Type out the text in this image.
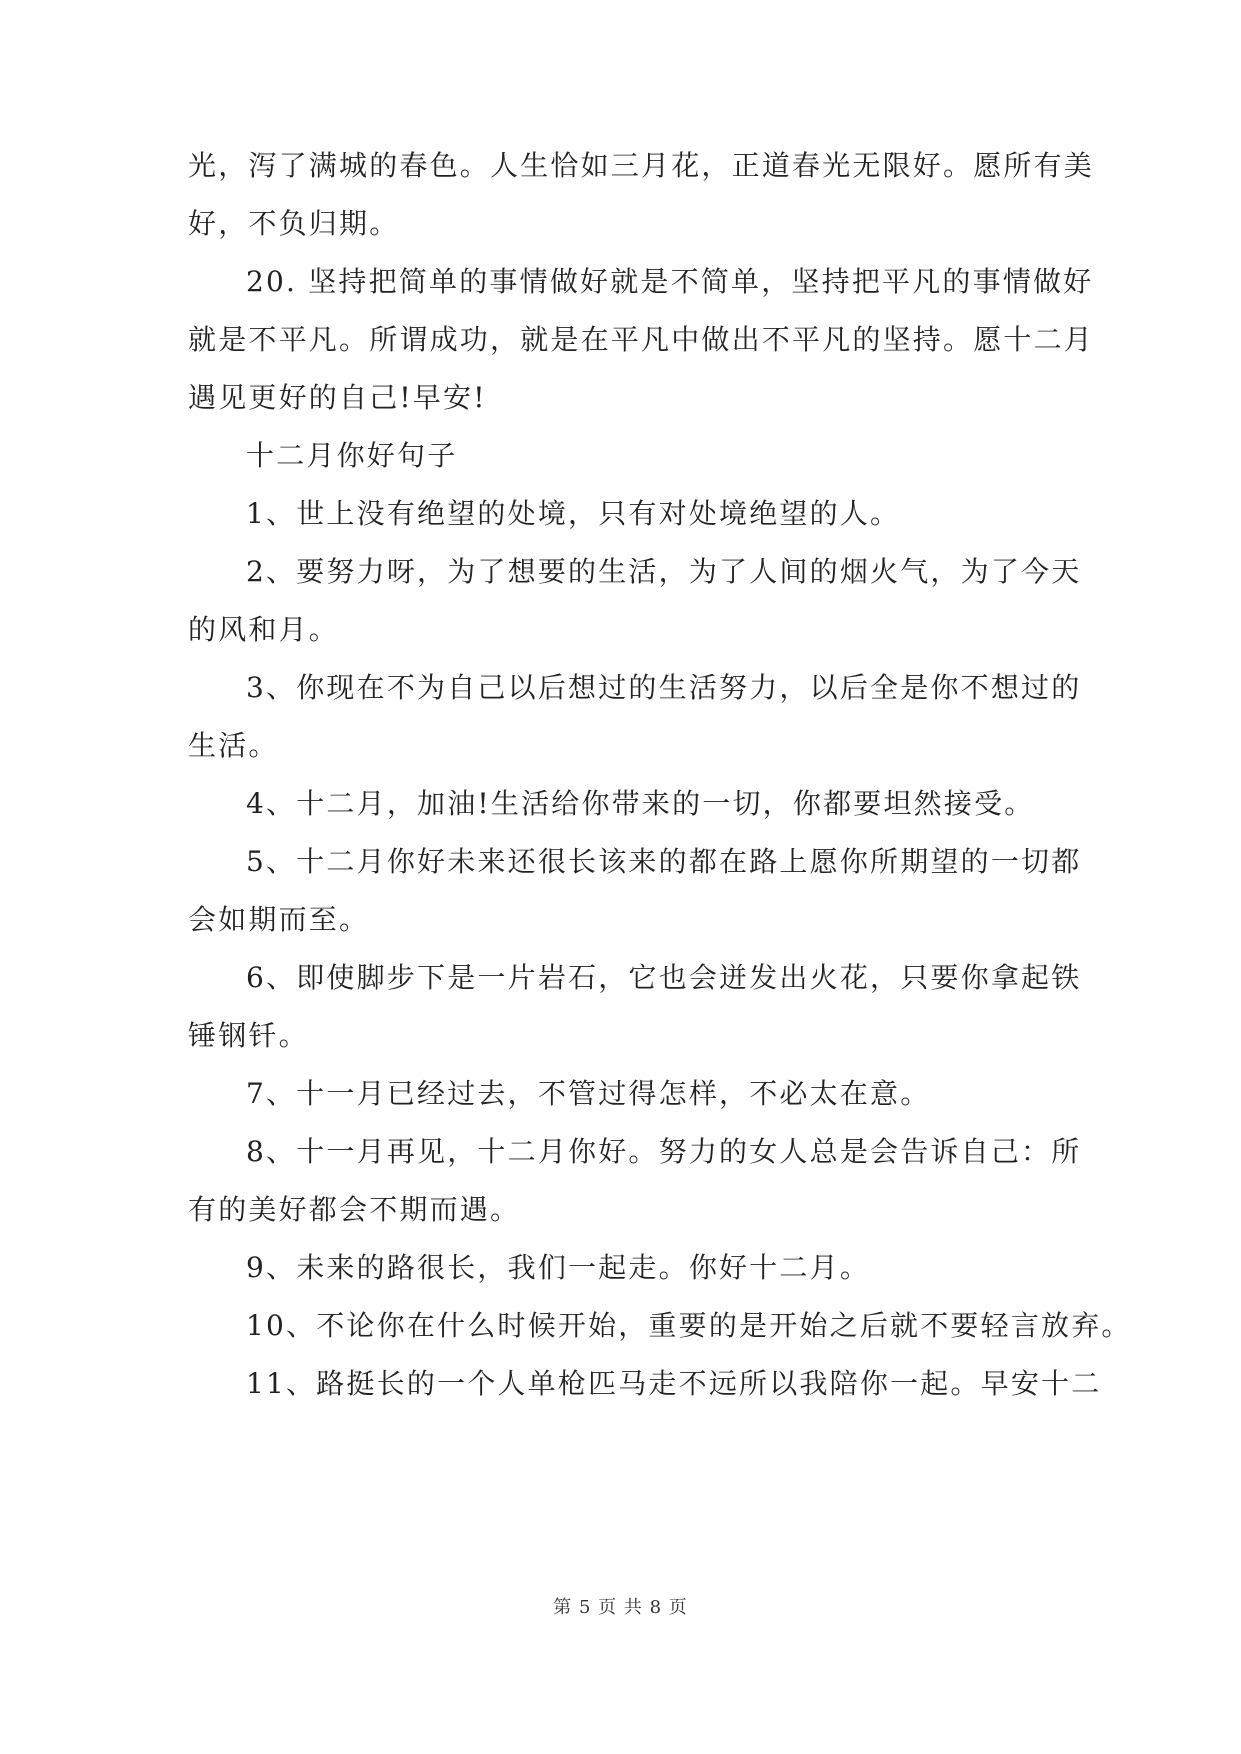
光，泻了满城的春色。人生恰如三月花，正道春光无限好。愿所有美
好，不负归期。
20. 坚持把简单的事情做好就是不简单，坚持把平凡的事情做好
就是不平凡。所谓成功，就是在平凡中做出不平凡的坚持。愿十二月
遇见更好的自己!早安!
十二月你好句子
1、世上没有绝望的处境，只有对处境绝望的人。
2、要努力呀，为了想要的生活，为了人间的烟火气，为了今天
的风和月。
3、你现在不为自己以后想过的生活努力，以后全是你不想过的
生活。
4、十二月，加油!生活给你带来的一切，你都要坦然接受。
5、十二月你好未来还很长该来的都在路上愿你所期望的一切都
会如期而至。
6、即使脚步下是一片岩石，它也会迸发出火花，只要你拿起铁
锤钢钎。
7、十一月已经过去，不管过得怎样，不必太在意。
8、十一月再见，十二月你好。努力的女人总是会告诉自己：所
有的美好都会不期而遇。
9、未来的路很长，我们一起走。你好十二月。
10、不论你在什么时候开始，重要的是开始之后就不要轻言放弃。
11、路挺长的一个人单枪匹马走不远所以我陪你一起。早安十二
第 5 页 共 8 页
